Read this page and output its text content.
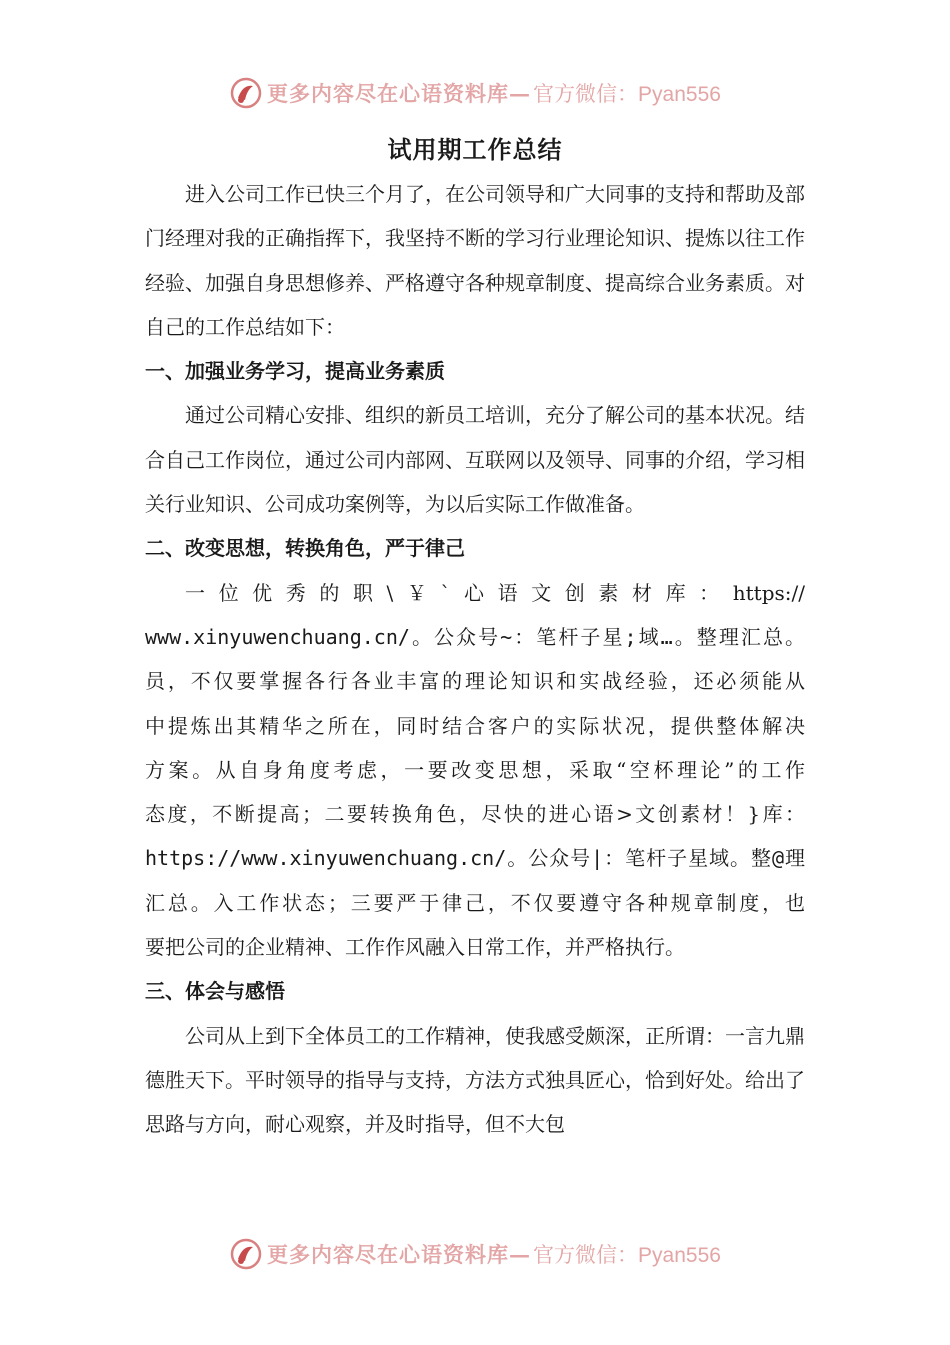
更多内容尽在心语资料库— 官方微信：Pyan556
试用期工作总结

进入公司工作已快三个月了，在公司领导和广大同事的支持和帮助及部门经理对我的正确指挥下，我坚持不断的学习行业理论知识、提炼以往工作经验、加强自身思想修养、严格遵守各种规章制度、提高综合业务素质。对自己的工作总结如下：

一、加强业务学习，提高业务素质

通过公司精心安排、组织的新员工培训，充分了解公司的基本状况。结合自己工作岗位，通过公司内部网、互联网以及领导、同事的介绍，学习相关行业知识、公司成功案例等，为以后实际工作做准备。

二、改变思想，转换角色，严于律己

一位优秀的职\￥`心语文创素材库：https://
www.xinyuwenchuang.cn/。公众号~：笔杆子星;域…。整理汇总。
员，不仅要掌握各行各业丰富的理论知识和实战经验，还必须能从
中提炼出其精华之所在，同时结合客户的实际状况，提供整体解决
方案。从自身角度考虑，一要改变思想，采取“空杯理论”的工作
态度，不断提高；二要转换角色，尽快的进心语>文创素材！}库：
https://www.xinyuwenchuang.cn/。公众号|：笔杆子星域。整@理
汇总。入工作状态；三要严于律己，不仅要遵守各种规章制度，也
要把公司的企业精神、工作作风融入日常工作，并严格执行。

三、体会与感悟

公司从上到下全体员工的工作精神，使我感受颇深，正所谓：一言九鼎德胜天下。平时领导的指导与支持，方法方式独具匠心，恰到好处。给出了思路与方向，耐心观察，并及时指导，但不大包

更多内容尽在心语资料库— 官方微信：Pyan556
